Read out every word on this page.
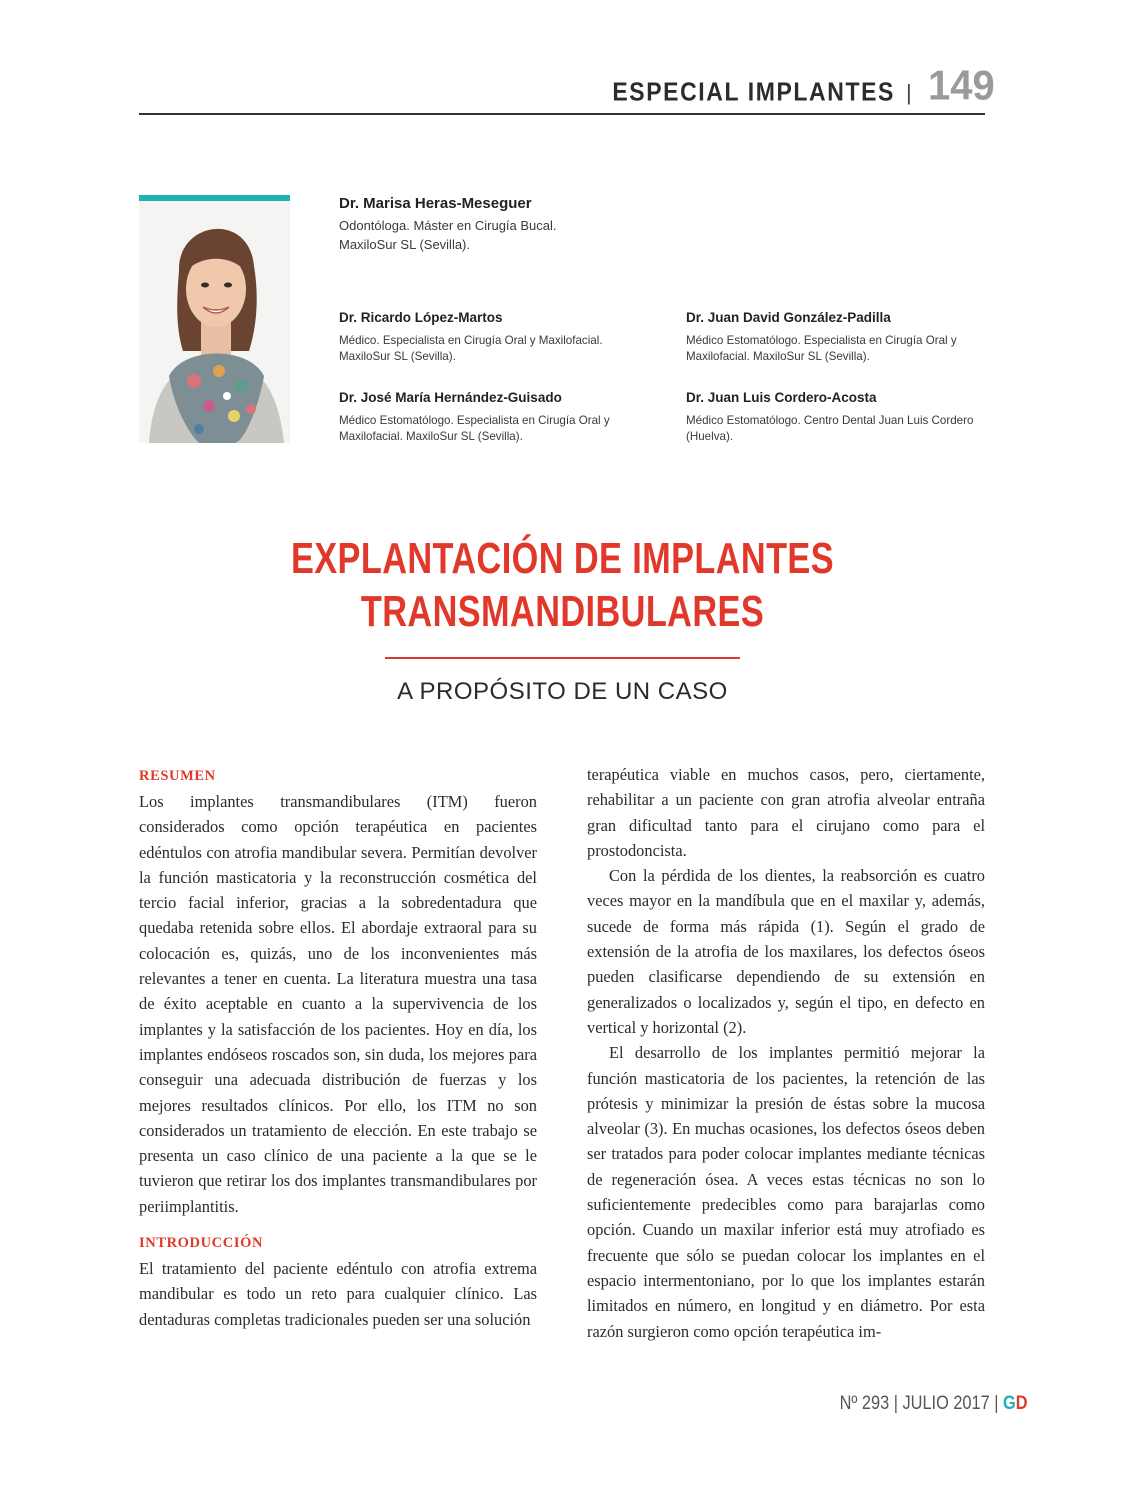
ESPECIAL IMPLANTES | 149
Dr. Marisa Heras-Meseguer
Odontóloga. Máster en Cirugía Bucal.
MaxiloSur SL (Sevilla).
Dr. Ricardo López-Martos
Médico. Especialista en Cirugía Oral y Maxilofacial. MaxiloSur SL (Sevilla).
Dr. José María Hernández-Guisado
Médico Estomatólogo. Especialista en Cirugía Oral y Maxilofacial. MaxiloSur SL (Sevilla).
Dr. Juan David González-Padilla
Médico Estomatólogo. Especialista en Cirugía Oral y Maxilofacial. MaxiloSur SL (Sevilla).
Dr. Juan Luis Cordero-Acosta
Médico Estomatólogo. Centro Dental Juan Luis Cordero (Huelva).
EXPLANTACIÓN DE IMPLANTES
TRANSMANDIBULARES
A PROPÓSITO DE UN CASO

RESUMEN

Los implantes transmandibulares (ITM) fueron considerados como opción terapéutica en pacientes edéntulos con atrofia mandibular severa. Permitían devolver la función masticatoria y la reconstrucción cosmética del tercio facial inferior, gracias a la sobredentadura que quedaba retenida sobre ellos. El abordaje extraoral para su colocación es, quizás, uno de los inconvenientes más relevantes a tener en cuenta. La literatura muestra una tasa de éxito aceptable en cuanto a la supervivencia de los implantes y la satisfacción de los pacientes. Hoy en día, los implantes endóseos roscados son, sin duda, los mejores para conseguir una adecuada distribución de fuerzas y los mejores resultados clínicos. Por ello, los ITM no son considerados un tratamiento de elección. En este trabajo se presenta un caso clínico de una paciente a la que se le tuvieron que retirar los dos implantes transmandibulares por periimplantitis.

INTRODUCCIÓN

El tratamiento del paciente edéntulo con atrofia extrema mandibular es todo un reto para cualquier clínico. Las dentaduras completas tradicionales pueden ser una solución

terapéutica viable en muchos casos, pero, ciertamente, rehabilitar a un paciente con gran atrofia alveolar entraña gran dificultad tanto para el cirujano como para el prostodoncista.

Con la pérdida de los dientes, la reabsorción es cuatro veces mayor en la mandíbula que en el maxilar y, además, sucede de forma más rápida (1). Según el grado de extensión de la atrofia de los maxilares, los defectos óseos pueden clasificarse dependiendo de su extensión en generalizados o localizados y, según el tipo, en defecto en vertical y horizontal (2).

El desarrollo de los implantes permitió mejorar la función masticatoria de los pacientes, la retención de las prótesis y minimizar la presión de éstas sobre la mucosa alveolar (3). En muchas ocasiones, los defectos óseos deben ser tratados para poder colocar implantes mediante técnicas de regeneración ósea. A veces estas técnicas no son lo suficientemente predecibles como para barajarlas como opción. Cuando un maxilar inferior está muy atrofiado es frecuente que sólo se puedan colocar los implantes en el espacio intermentoniano, por lo que los implantes estarán limitados en número, en longitud y en diámetro. Por esta razón surgieron como opción terapéutica im-

Nº 293 | JULIO 2017 | GD
